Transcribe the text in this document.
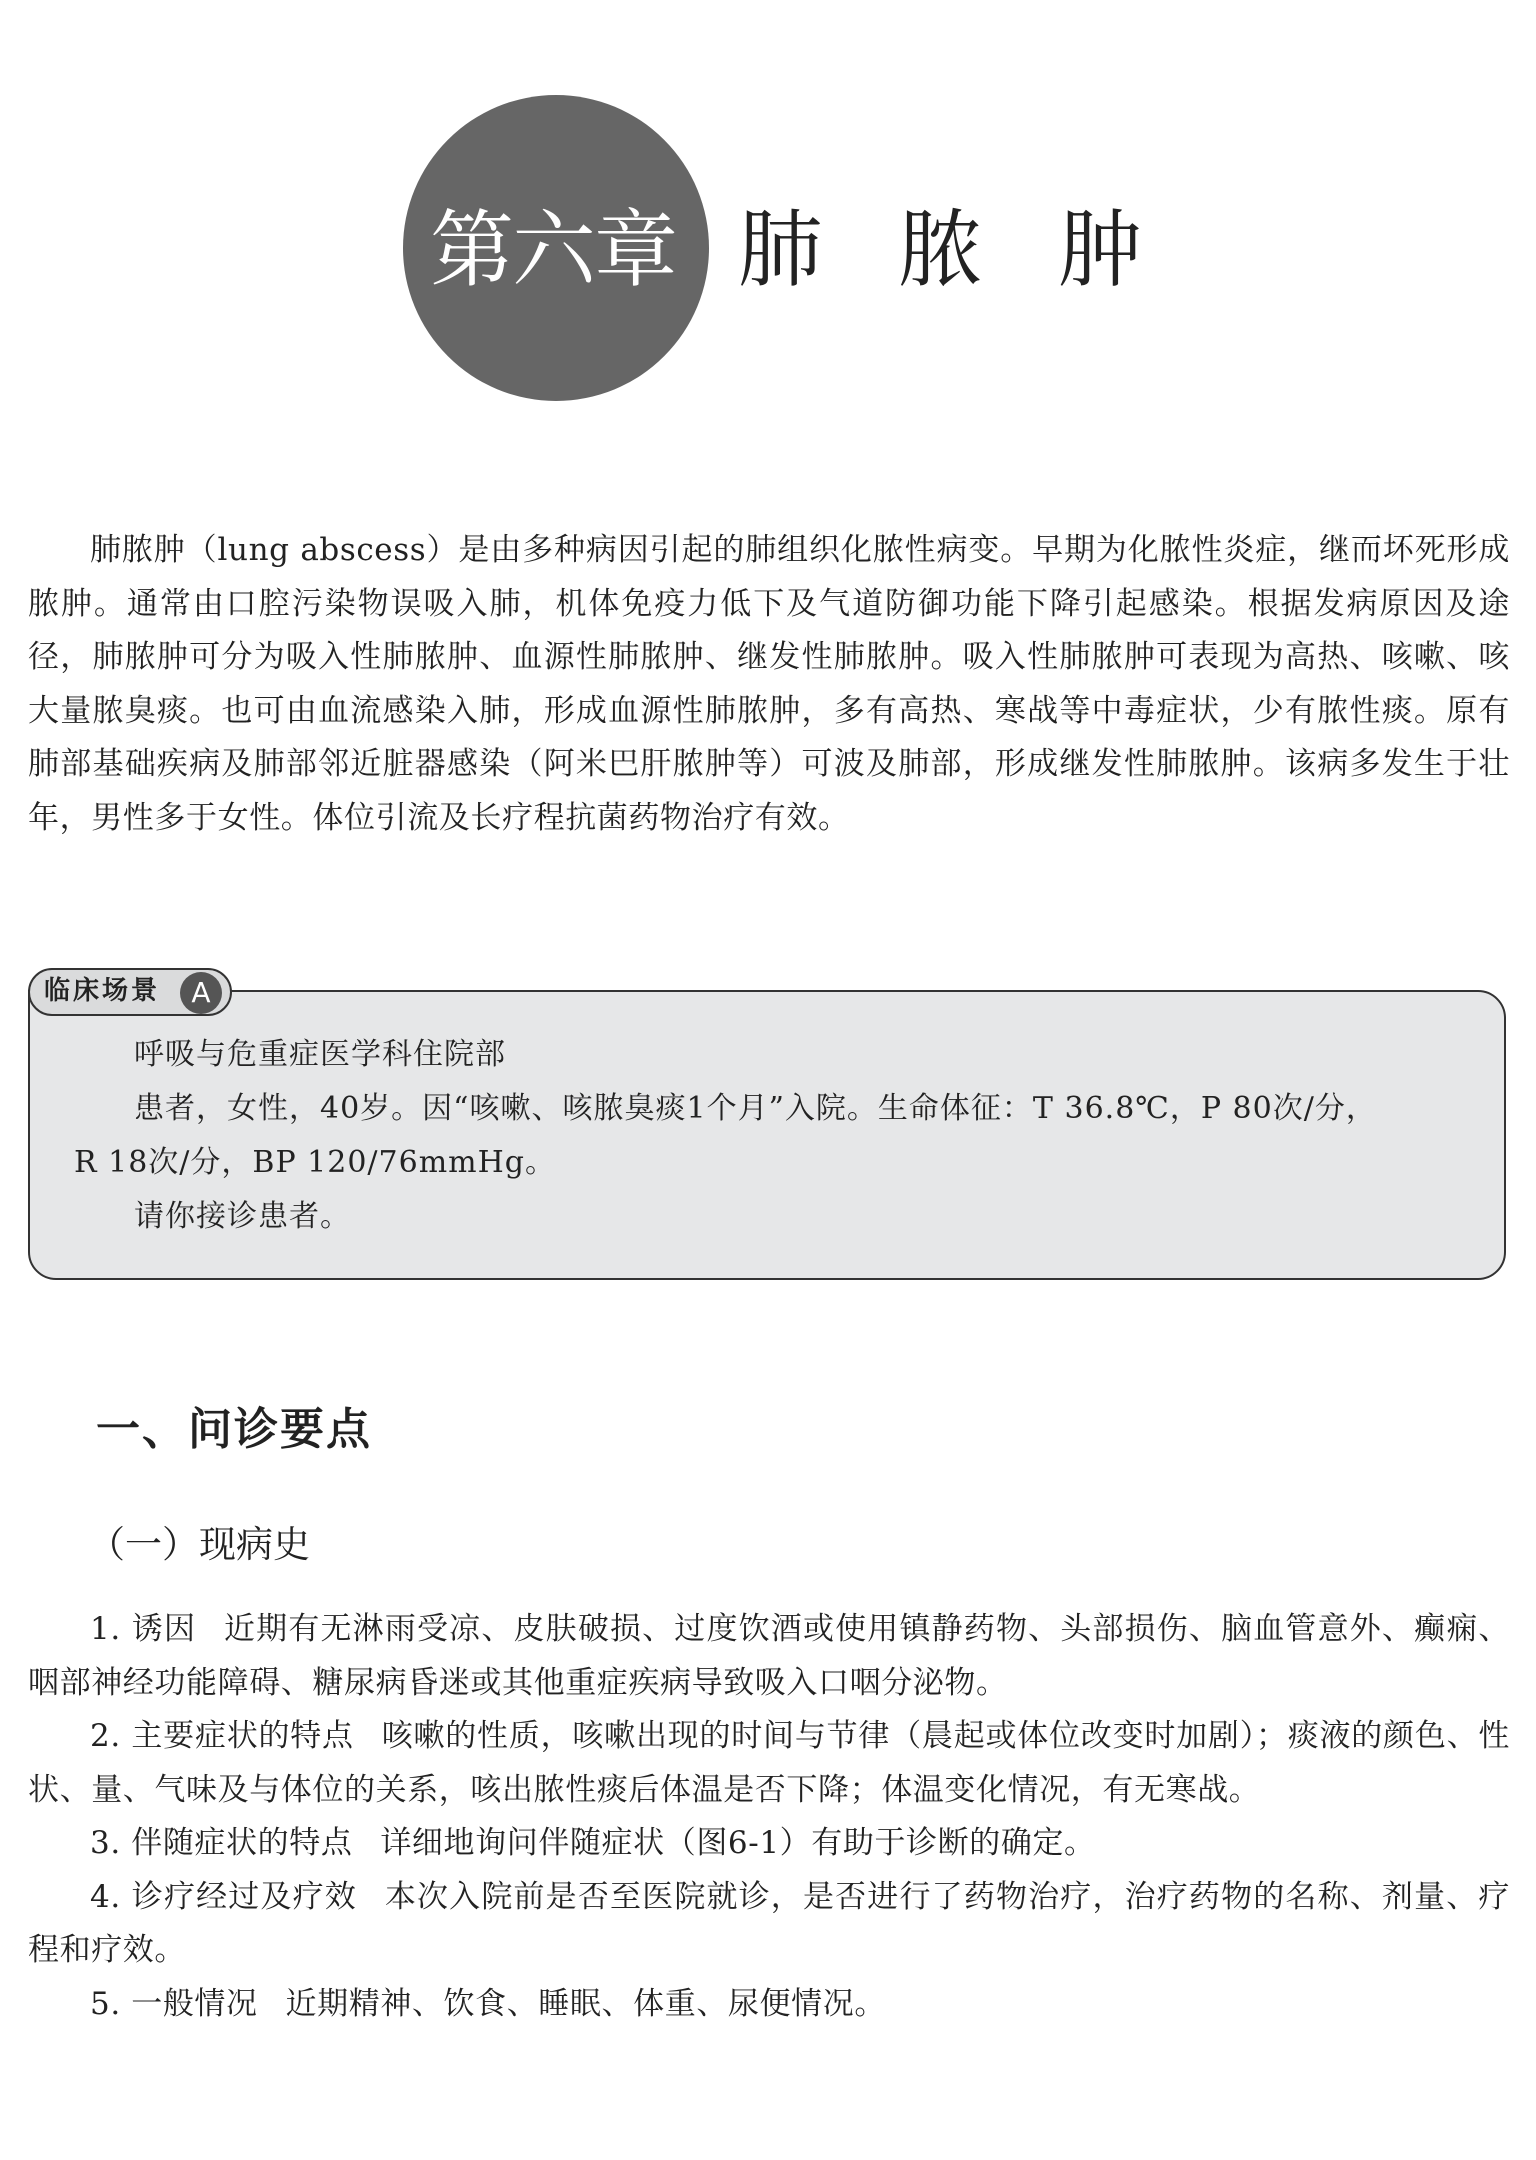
第六章 肺脓肿

肺脓肿（lung abscess）是由多种病因引起的肺组织化脓性病变。早期为化脓性炎症，继而坏死形成脓肿。通常由口腔污染物误吸入肺，机体免疫力低下及气道防御功能下降引起感染。根据发病原因及途径，肺脓肿可分为吸入性肺脓肿、血源性肺脓肿、继发性肺脓肿。吸入性肺脓肿可表现为高热、咳嗽、咳大量脓臭痰。也可由血流感染入肺，形成血源性肺脓肿，多有高热、寒战等中毒症状，少有脓性痰。原有肺部基础疾病及肺部邻近脏器感染（阿米巴肝脓肿等）可波及肺部，形成继发性肺脓肿。该病多发生于壮年，男性多于女性。体位引流及长疗程抗菌药物治疗有效。

临床场景	A

呼吸与危重症医学科住院部

患者，女性，40岁。因“咳嗽、咳脓臭痰1个月”入院。生命体征：T 36.8℃，P 80次/分，

R 18次/分，BP 120/76mmHg。

请你接诊患者。

一、问诊要点
（一）现病史

1. 诱因 近期有无淋雨受凉、皮肤破损、过度饮酒或使用镇静药物、头部损伤、脑血管意外、癫痫、咽部神经功能障碍、糖尿病昏迷或其他重症疾病导致吸入口咽分泌物。

2. 主要症状的特点 咳嗽的性质，咳嗽出现的时间与节律（晨起或体位改变时加剧）；痰液的颜色、性状、量、气味及与体位的关系，咳出脓性痰后体温是否下降；体温变化情况，有无寒战。

3. 伴随症状的特点 详细地询问伴随症状（图6-1）有助于诊断的确定。

4. 诊疗经过及疗效 本次入院前是否至医院就诊，是否进行了药物治疗，治疗药物的名称、剂量、疗程和疗效。

5. 一般情况 近期精神、饮食、睡眠、体重、尿便情况。
